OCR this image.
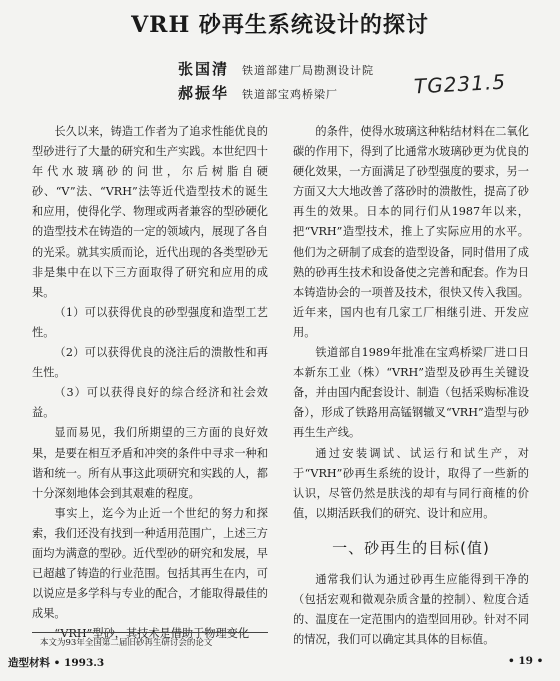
VRH 砂再生系统设计的探讨
张国清	铁道部建厂局勘测设计院
郝振华	铁道部宝鸡桥梁厂	TG231.5

长久以来，铸造工作者为了追求性能优良的型砂进行了大量的研究和生产实践。本世纪四十年代水玻璃砂的问世，尔后树脂自硬砂、“V”法、“VRH”法等近代造型技术的诞生和应用，使得化学、物理或两者兼容的型砂硬化的造型技术在铸造的一定的领域内，展现了各自的光采。就其实质而论，近代出现的各类型砂无非是集中在以下三方面取得了研究和应用的成果。

（1）可以获得优良的砂型强度和造型工艺性。

（2）可以获得优良的浇注后的溃散性和再生性。

（3）可以获得良好的综合经济和社会效益。

显而易见，我们所期望的三方面的良好效果，是要在相互矛盾和冲突的条件中寻求一种和谐和统一。所有从事这此项研究和实践的人，都十分深刻地体会到其艰难的程度。

事实上，迄今为止近一个世纪的努力和探索，我们还没有找到一种适用范围广，上述三方面均为满意的型砂。近代型砂的研究和发展，早已超越了铸造的行业范围。包括其再生在内，可以说应是多学科与专业的配合，才能取得最佳的成果。

“VRH”型砂，其技术是借助于物理变化

的条件，使得水玻璃这种粘结材料在二氧化碳的作用下，得到了比通常水玻璃砂更为优良的硬化效果，一方面满足了砂型强度的要求，另一方面又大大地改善了落砂时的溃散性，提高了砂再生的效果。日本的同行们从1987年以来，把“VRH”造型技术，推上了实际应用的水平。他们为之研制了成套的造型设备，同时借用了成熟的砂再生技术和设备使之完善和配套。作为日本铸造协会的一项普及技术，很快又传入我国。近年来，国内也有几家工厂相继引进、开发应用。

铁道部自1989年批准在宝鸡桥梁厂进口日本新东工业（株）“VRH”造型及砂再生关键设备，并由国内配套设计、制造（包括采购标准设备），形成了铁路用高锰钢辙叉“VRH”造型与砂再生生产线。

通过安装调试、试运行和试生产，对于“VRH”砂再生系统的设计，取得了一些新的认识，尽管仍然是肤浅的却有与同行商榷的价值，以期活跃我们的研究、设计和应用。

一、砂再生的目标(值)

通常我们认为通过砂再生应能得到干净的（包括宏观和微观杂质含量的控制）、粒度合适的、温度在一定范围内的造型回用砂。针对不同的情况，我们可以确定其具体的目标值。

本文为93年全国第二届旧砂再生研讨会的论文
造型材料 • 1993.3	• 19 •
